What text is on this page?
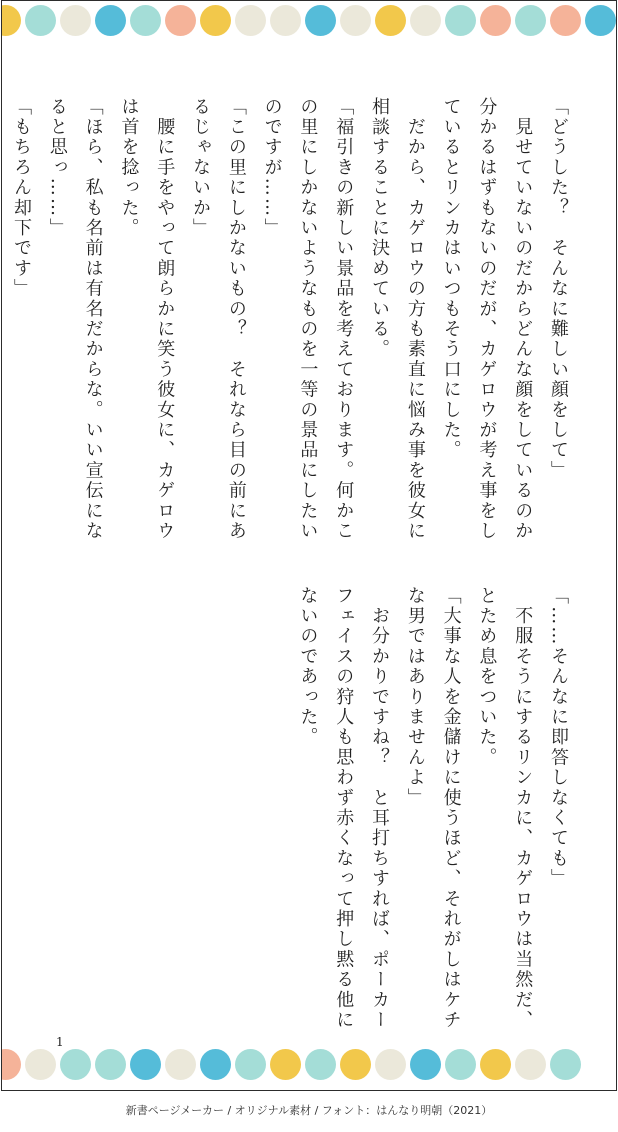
「どうした？　そんなに難しい顔をして」
　見せていないのだからどんな顔をしているのか
分かるはずもないのだが、カゲロウが考え事をし
ているとリンカはいつもそう口にした。
　だから、カゲロウの方も素直に悩み事を彼女に
相談することに決めている。
「福引きの新しい景品を考えております。何かこ
の里にしかないようなものを一等の景品にしたい
のですが……」
「この里にしかないもの？　それなら目の前にあ
るじゃないか」
　腰に手をやって朗らかに笑う彼女に、カゲロウ
は首を捻った。
「ほら、私も名前は有名だからな。いい宣伝にな
ると思っ……」
「もちろん却下です」
「……そんなに即答しなくても」
　不服そうにするリンカに、カゲロウは当然だ、
とため息をついた。
「大事な人を金儲けに使うほど、それがしはケチ
な男ではありませんよ」
　お分かりですね？　と耳打ちすれば、ポーカー
フェイスの狩人も思わず赤くなって押し黙る他に
ないのであった。
1
新書ページメーカー / オリジナル素材 / フォント：はんなり明朝（2021）
